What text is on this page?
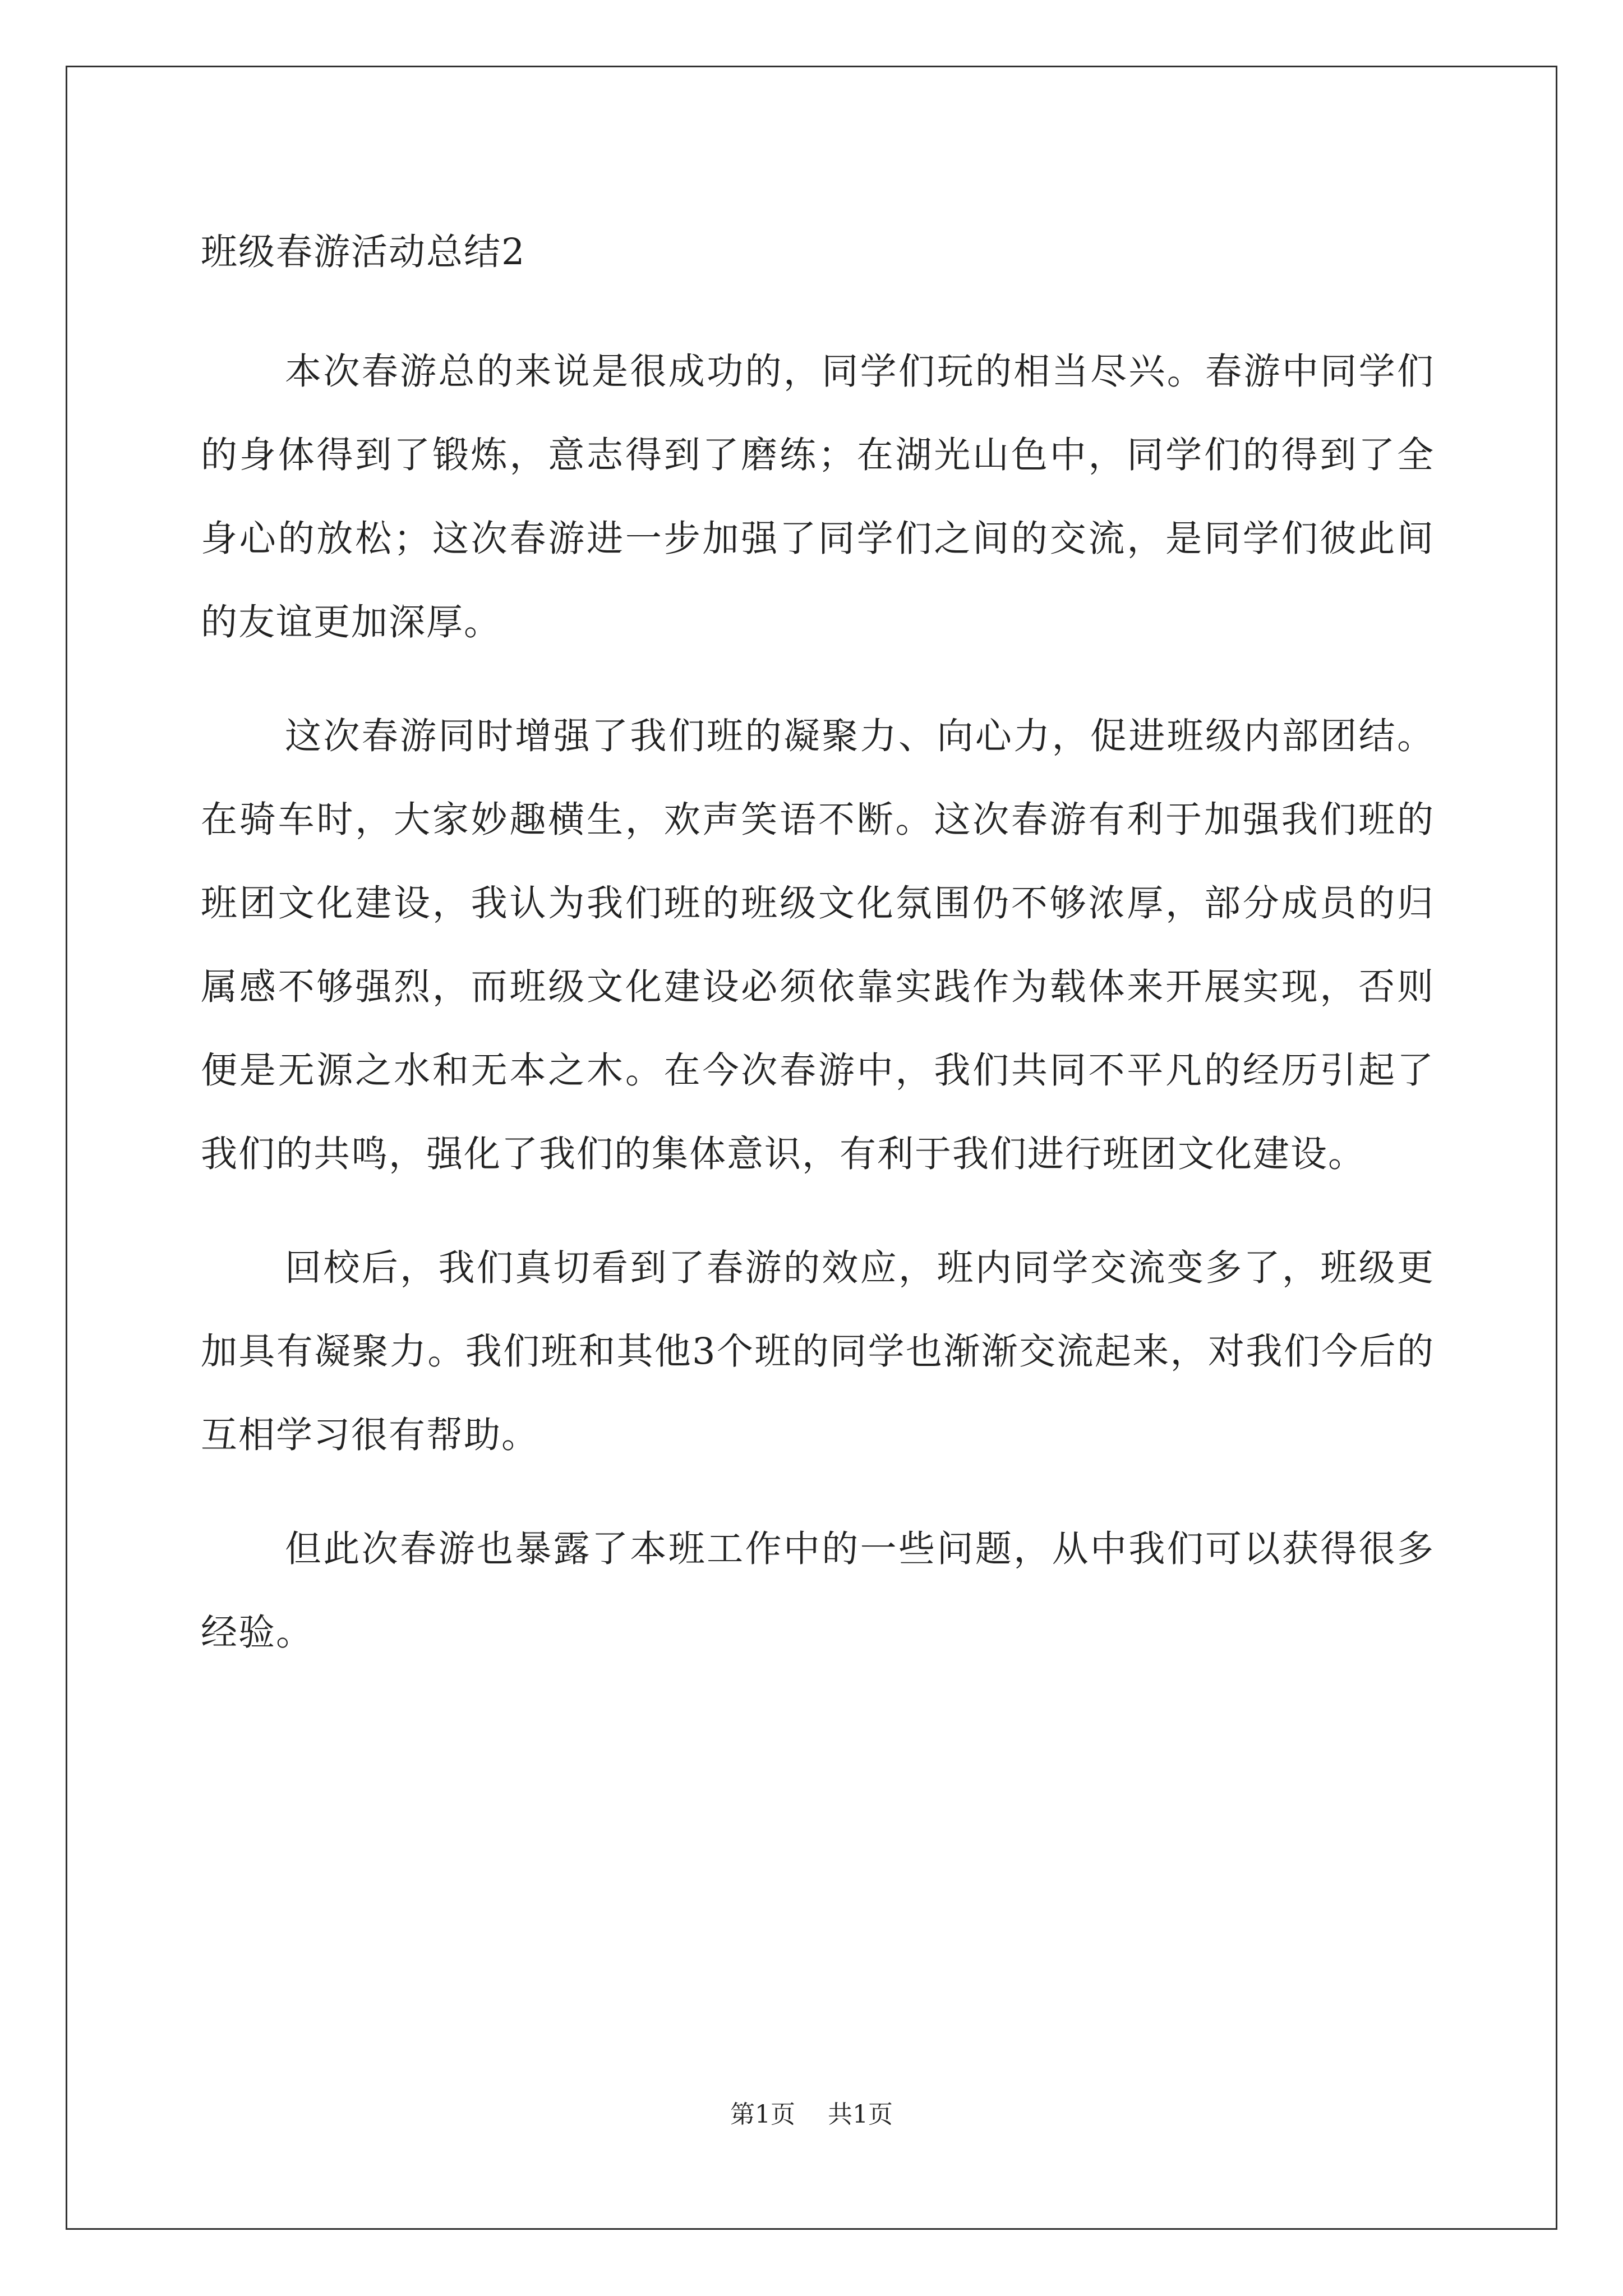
班级春游活动总结2

本次春游总的来说是很成功的，同学们玩的相当尽兴。春游中同学们的身体得到了锻炼，意志得到了磨练；在湖光山色中，同学们的得到了全身心的放松；这次春游进一步加强了同学们之间的交流，是同学们彼此间的友谊更加深厚。

这次春游同时增强了我们班的凝聚力、向心力，促进班级内部团结。在骑车时，大家妙趣横生，欢声笑语不断。这次春游有利于加强我们班的班团文化建设，我认为我们班的班级文化氛围仍不够浓厚，部分成员的归属感不够强烈，而班级文化建设必须依靠实践作为载体来开展实现，否则便是无源之水和无本之木。在今次春游中，我们共同不平凡的经历引起了我们的共鸣，强化了我们的集体意识，有利于我们进行班团文化建设。

回校后，我们真切看到了春游的效应，班内同学交流变多了，班级更加具有凝聚力。我们班和其他3个班的同学也渐渐交流起来，对我们今后的互相学习很有帮助。

但此次春游也暴露了本班工作中的一些问题，从中我们可以获得很多经验。

第1页 共1页
